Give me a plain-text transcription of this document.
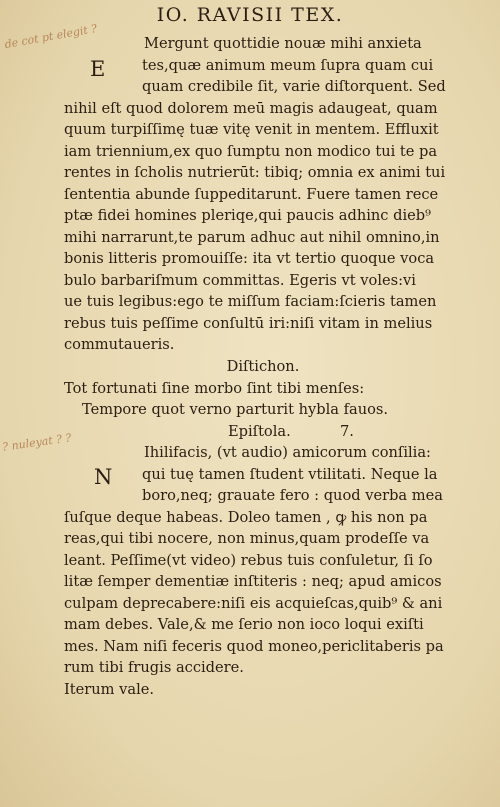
IO. RAVISII TEX.
de cot pt elegit ?
? nuleyat ? ?
E
Mergunt quottidie nouæ mihi anxieta
tes,quæ animum meum ſupra quam cui
quam credibile ſit, varie diſtorquent. Sed
nihil eſt quod dolorem meū magis adaugeat, quam
quum turpiſſimę tuæ vitę venit in mentem. Effluxit
iam triennium,ex quo ſumptu non modico tui te pa
rentes in ſcholis nutrierūt: tibiq; omnia ex animi tui
ſententia abunde ſuppeditarunt. Fuere tamen rece
ptæ fidei homines pleriqe,qui paucis adhinc dieb⁹
mihi narrarunt,te parum adhuc aut nihil omnino,in
bonis litteris promouiſſe: ita vt tertio quoque voca
bulo barbariſmum committas. Egeris vt voles:vi
ue tuis legibus:ego te miſſum faciam:ſcieris tamen
rebus tuis peſſime conſultū iri:niſi vitam in melius
commutaueris.
Diſtichon.
Tot fortunati ſine morbo ſint tibi menſes:
Tempore quot verno parturit hybla fauos.
Epiſtola.	7.
N
Ihilifacis, (vt audio) amicorum conſilia:
qui tuę tamen ſtudent vtilitati. Neque la
boro,neq; grauate fero : quod verba mea
ſuſque deque habeas. Doleo tamen , ꝙ his non pa
reas,qui tibi nocere, non minus,quam prodeſſe va
leant. Peſſime(vt video) rebus tuis conſuletur, ſi ſo
litæ ſemper dementiæ inſtiteris : neq; apud amicos
culpam deprecabere:niſi eis acquieſcas,quib⁹ & ani
mam debes. Vale,& me ſerio non ioco loqui exiſti
mes. Nam niſi feceris quod moneo,periclitaberis pa
rum tibi frugis accidere.
Iterum vale.
